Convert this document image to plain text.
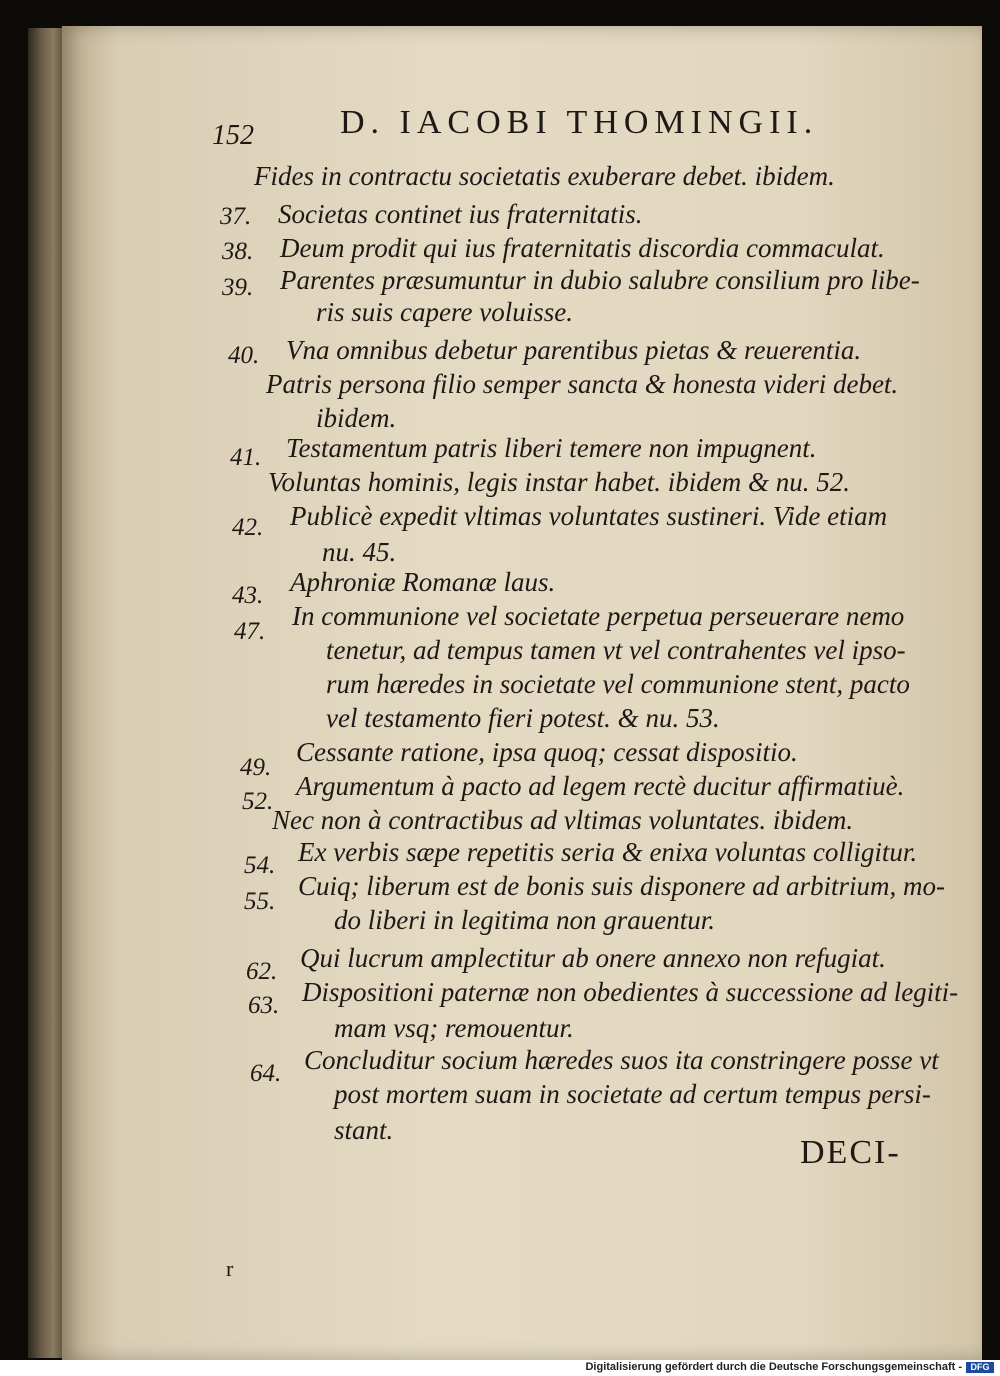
152	D. IACOBI THOMINGII.
Fides in contractu societatis exuberare debet. ibidem.
37. Societas continet ius fraternitatis.
38. Deum prodit qui ius fraternitatis discordia commaculat.
39. Parentes præsumuntur in dubio salubre consilium pro libe-
ris suis capere voluisse.
40. Vna omnibus debetur parentibus pietas & reuerentia.
Patris persona filio semper sancta & honesta videri debet.
ibidem.
41. Testamentum patris liberi temere non impugnent.
Voluntas hominis, legis instar habet. ibidem & nu. 52.
42. Publicè expedit vltimas voluntates sustineri. Vide etiam
nu. 45.
43. Aphroniæ Romanæ laus.
47.
In communione vel societate perpetua perseuerare nemo
tenetur, ad tempus tamen vt vel contrahentes vel ipso-
rum hæredes in societate vel communione stent, pacto
vel testamento fieri potest. & nu. 53.
49.
Cessante ratione, ipsa quoq; cessat dispositio.
52.
Argumentum à pacto ad legem rectè ducitur affirmatiuè.
Nec non à contractibus ad vltimas voluntates. ibidem.
54. Ex verbis sæpe repetitis seria & enixa voluntas colligitur.
55.
Cuiq; liberum est de bonis suis disponere ad arbitrium, mo-
do liberi in legitima non grauentur.
62. Qui lucrum amplectitur ab onere annexo non refugiat.
63. Dispositioni paternæ non obedientes à successione ad legiti-
mam vsq; remouentur.
64. Concluditur socium hæredes suos ita constringere posse vt
post mortem suam in societate ad certum tempus persi-
stant.
DECI-
r
Digitalisierung gefördert durch die Deutsche Forschungsgemeinschaft - DFG
